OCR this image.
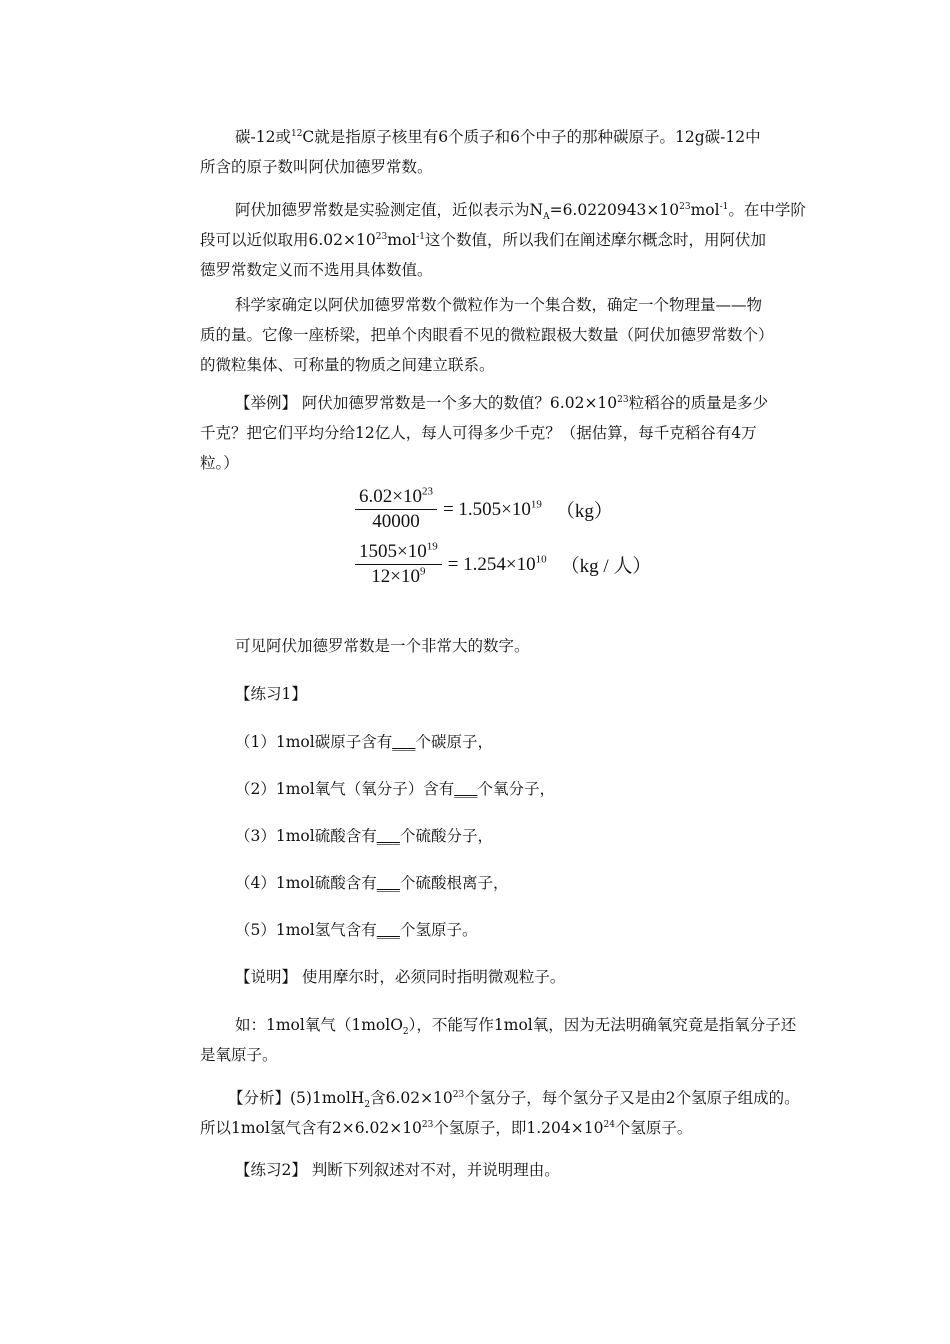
碳-12或$^{12}$C就是指原子核里有6个质子和6个中子的那种碳原子。12g碳-12中
所含的原子数叫阿伏加德罗常数。

阿伏加德罗常数是实验测定值，近似表示为$N_A=6.0220943\times 10^{23}mol^{-1}$。在中学阶
段可以近似取用$6.02\times 10^{23}mol^{-1}$这个数值，所以我们在阐述摩尔概念时，用阿伏加
德罗常数定义而不选用具体数值。

科学家确定以阿伏加德罗常数个微粒作为一个集合数，确定一个物理量——物
质的量。它像一座桥梁，把单个肉眼看不见的微粒跟极大数量（阿伏加德罗常数个）
的微粒集体、可称量的物质之间建立联系。

【举例】 阿伏加德罗常数是一个多大的数值？$6.02\times 10^{23}$粒稻谷的质量是多少
千克？把它们平均分给12亿人，每人可得多少千克？（据估算，每千克稻谷有4万
粒。）

$\frac{6.02\times 10^{23}}{40000} = 1.505\times 10^{19}$ （kg）
$\frac{1505\times 10^{19}}{12\times 10^9} = 1.254\times 10^{10}$ （kg / 人）

可见阿伏加德罗常数是一个非常大的数字。

【练习1】

（1）1mol碳原子含有___个碳原子，

（2）1mol氧气（氧分子）含有___个氧分子，

（3）1mol硫酸含有___个硫酸分子，

（4）1mol硫酸含有___个硫酸根离子，

（5）1mol氢气含有___个氢原子。

【说明】 使用摩尔时，必须同时指明微观粒子。

如：1mol氧气（1molO$_2$），不能写作1mol氧，因为无法明确氧究竟是指氧分子还
是氧原子。

【分析】(5)1molH$_2$含$6.02\times 10^{23}$个氢分子，每个氢分子又是由2个氢原子组成的。
所以1mol氢气含有$2\times 6.02\times 10^{23}$个氢原子，即$1.204\times 10^{24}$个氢原子。

【练习2】 判断下列叙述对不对，并说明理由。
